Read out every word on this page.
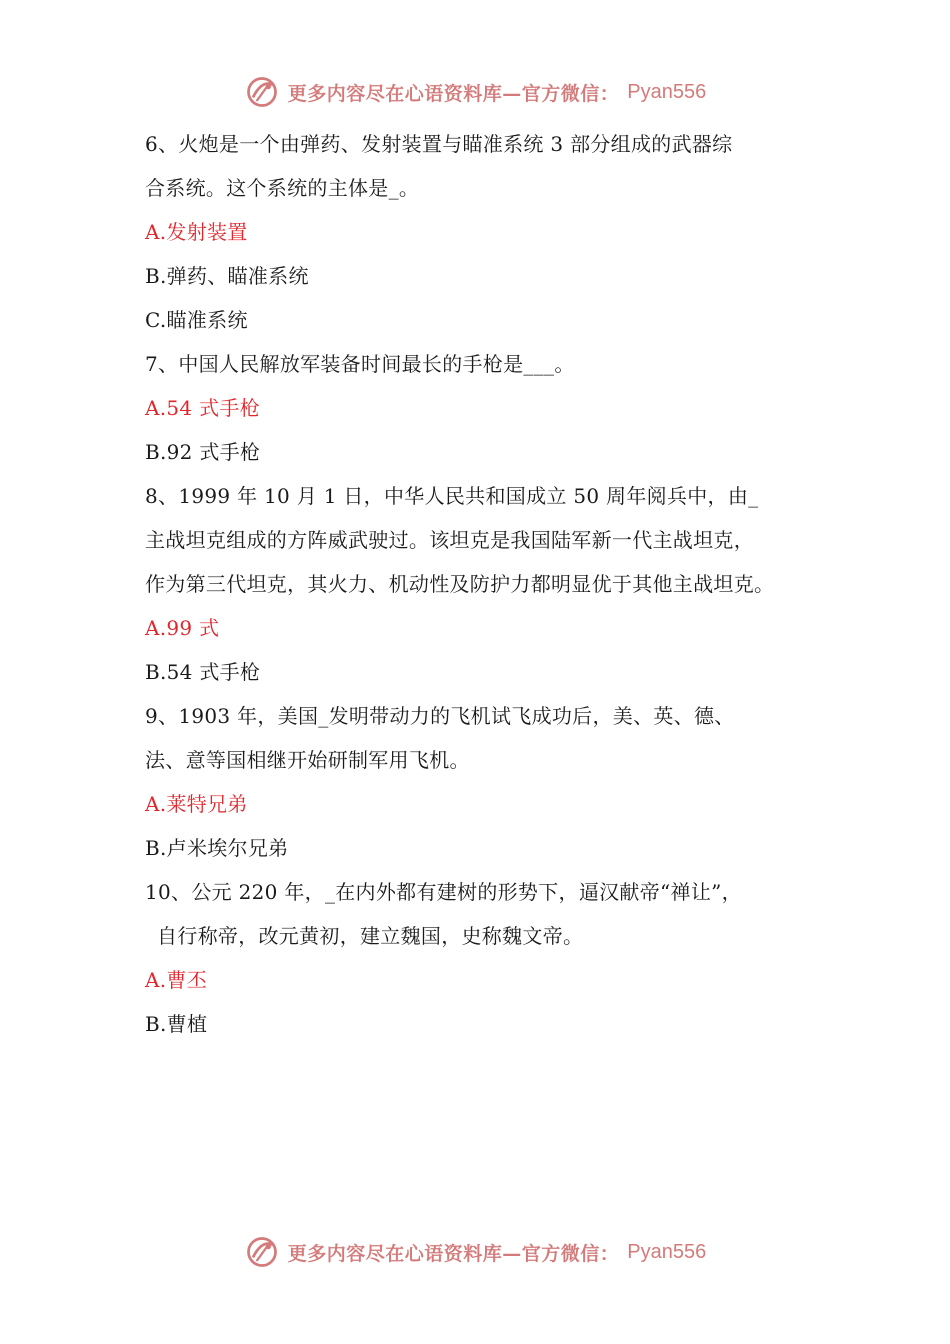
更多内容尽在心语资料库—官方微信： Pyan556
6、火炮是一个由弹药、发射装置与瞄准系统 3 部分组成的武器综
合系统。这个系统的主体是_。
A.发射装置
B.弹药、瞄准系统
C.瞄准系统
7、中国人民解放军装备时间最长的手枪是___。
A.54 式手枪
B.92 式手枪
8、1999 年 10 月 1 日，中华人民共和国成立 50 周年阅兵中，由_
主战坦克组成的方阵威武驶过。该坦克是我国陆军新一代主战坦克，
作为第三代坦克，其火力、机动性及防护力都明显优于其他主战坦克。
A.99 式
B.54 式手枪
9、1903 年，美国_发明带动力的飞机试飞成功后，美、英、德、
法、意等国相继开始研制军用飞机。
A.莱特兄弟
B.卢米埃尔兄弟
10、公元 220 年，_在内外都有建树的形势下，逼汉献帝“禅让”，
自行称帝，改元黄初，建立魏国，史称魏文帝。
A.曹丕
B.曹植
更多内容尽在心语资料库—官方微信： Pyan556
